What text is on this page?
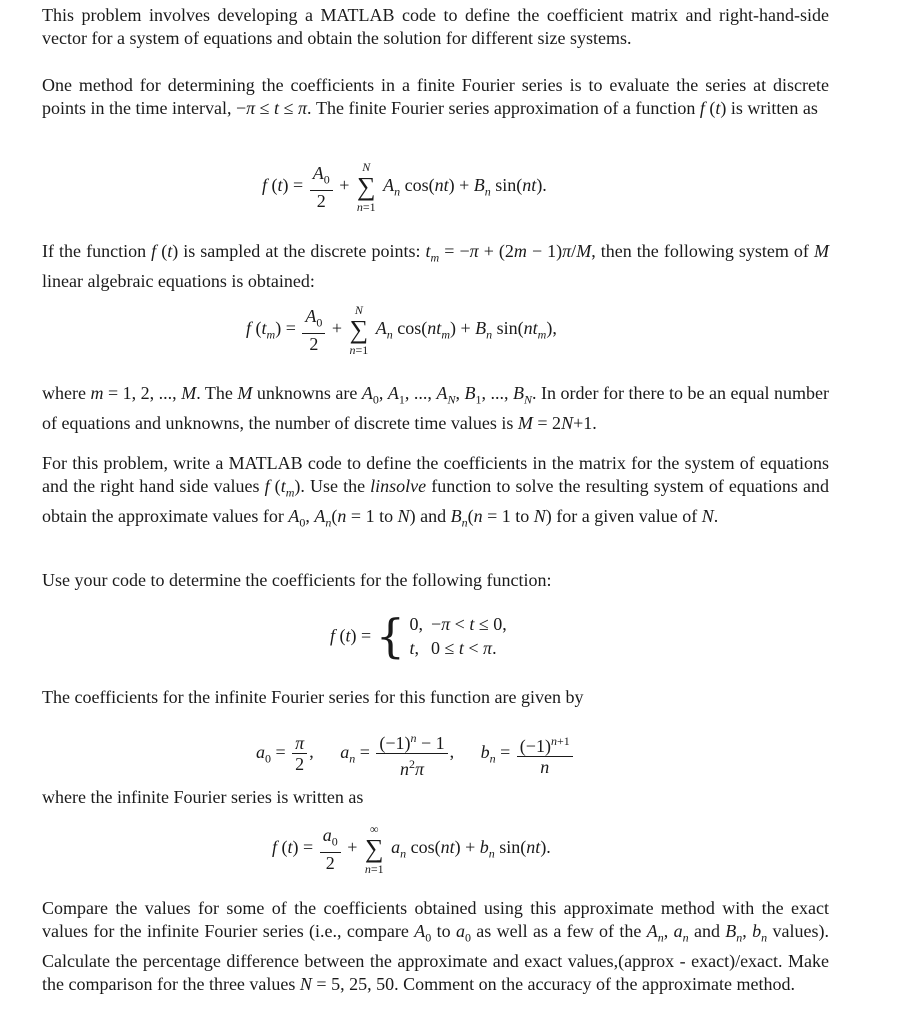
This problem involves developing a MATLAB code to define the coefficient matrix and right-hand-side vector for a system of equations and obtain the solution for different size systems.

One method for determining the coefficients in a finite Fourier series is to evaluate the series at discrete points in the time interval, −π ≤ t ≤ π. The finite Fourier series approximation of a function f (t) is written as

f $(t) = \frac{A_0}{2}$ +
N
∑
n=1
$A_n$ $\cos(nt) + B_n$ sin(nt).

If the function f (t) is sampled at the discrete points: $t_m = -\pi + (2m - 1)\pi/M$, then the following system of M linear algebraic equations is obtained:

f $(t_m) = \frac{A_0}{2}$ +
N
∑
n=1
$A_n$ $\cos(nt_m) + B_n$ $\sin(nt_m)$,

where m = 1, 2, ..., M. The M unknowns are $A_0$, $A_1$, ..., $A_N$, $B_1$, ..., $B_N$. In order for there to be an equal number of equations and unknowns, the number of discrete time values is M = 2N+1.

For this problem, write a MATLAB code to define the coefficients in the matrix for the system of equations and the right hand side values f $(t_m)$. Use the linsolve function to solve the resulting system of equations and obtain the approximate values for $A_0$, $A_n(n = 1$ to N) and $B_n(n = 1$ to N) for a given value of N.

Use your code to determine the coefficients for the following function:

f (t) = { 0,	−π < t ≤ 0,
t,	0 ≤ t < π.

The coefficients for the infinite Fourier series for this function are given by

$a_0 = \frac{\pi}{2}$ , $a_n = \frac{(-1)^n - 1}{n^2\pi}$ , $b_n = \frac{(-1)^{n+1}}{n}$

where the infinite Fourier series is written as

f $(t) = \frac{a_0}{2}$ +
∞
∑
n=1
$a_n$ $\cos(nt) + b_n$ sin(nt).

Compare the values for some of the coefficients obtained using this approximate method with the exact values for the infinite Fourier series (i.e., compare $A_0$ to $a_0$ as well as a few of the $A_n$, $a_n$ and $B_n$, $b_n$ values). Calculate the percentage difference between the approximate and exact values,(approx - exact)/exact. Make the comparison for the three values N = 5, 25, 50. Comment on the accuracy of the approximate method.
